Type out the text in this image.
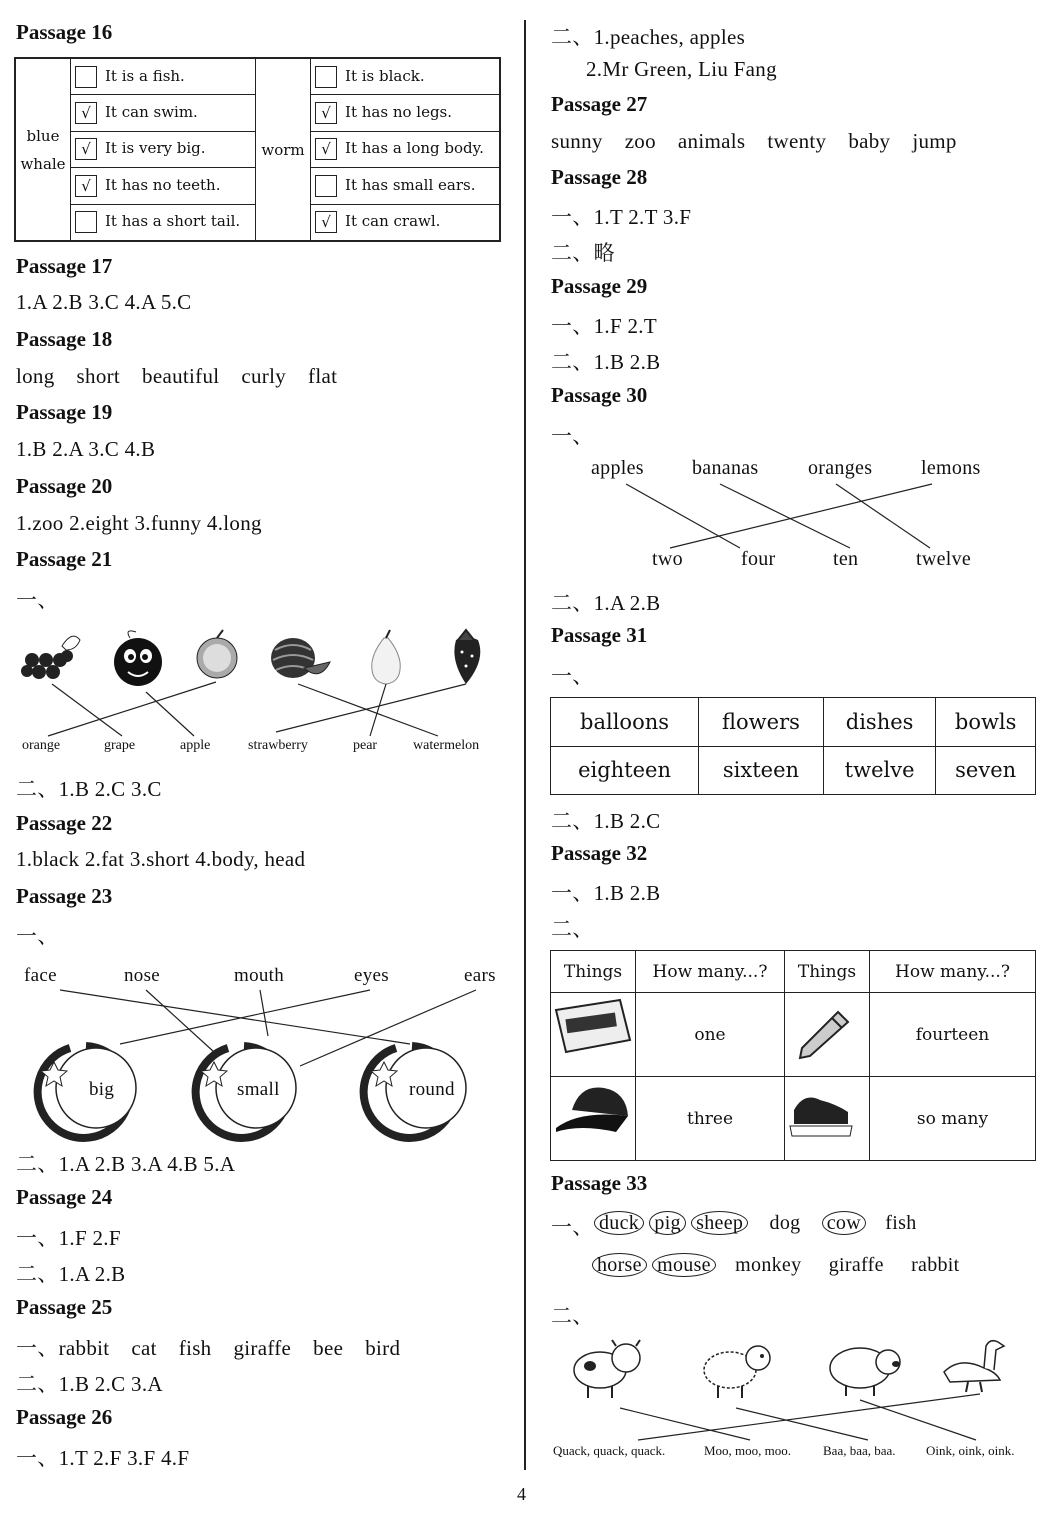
Passage 16
blue
whale	It is a fish.	worm	It is black.
	√ It can swim.		√ It has no legs.
	√ It is very big.		√ It has a long body.
	√ It has no teeth.		It has small ears.
	It has a short tail.		√ It can crawl.
Passage 17
1.A 2.B 3.C 4.A 5.C
Passage 18
long short beautiful curly flat
Passage 19
1.B 2.A 3.C 4.B
Passage 20
1.zoo 2.eight 3.funny 4.long
Passage 21
一、
orange	grape	apple	strawberry	pear	watermelon
二、1.B 2.C 3.C
Passage 22
1.black 2.fat 3.short 4.body, head
Passage 23
一、
face	nose	mouth	eyes	ears
big	small	round
二、1.A 2.B 3.A 4.B 5.A
Passage 24
一、1.F 2.F
二、1.A 2.B
Passage 25
一、rabbit cat fish giraffe bee bird
二、1.B 2.C 3.A
Passage 26
一、1.T 2.F 3.F 4.F
二、1.peaches, apples
2.Mr Green, Liu Fang
Passage 27
sunny zoo animals twenty baby jump
Passage 28
一、1.T 2.T 3.F
二、略
Passage 29
一、1.F 2.T
二、1.B 2.B
Passage 30
一、
apples bananas oranges lemons
two	four	ten	twelve
二、1.A 2.B
Passage 31
一、
balloons	flowers	dishes	bowls
eighteen	sixteen	twelve	seven
二、1.B 2.C
Passage 32
一、1.B 2.B
二、
Things	How many...?	Things	How many...?
	one		fourteen
	three		so many
Passage 33
一、 duck pig sheep dog cow fish
horse mouse monkey giraffe rabbit
二、
Quack, quack, quack.	Moo, moo, moo. Baa, baa, baa. Oink, oink, oink.
4
